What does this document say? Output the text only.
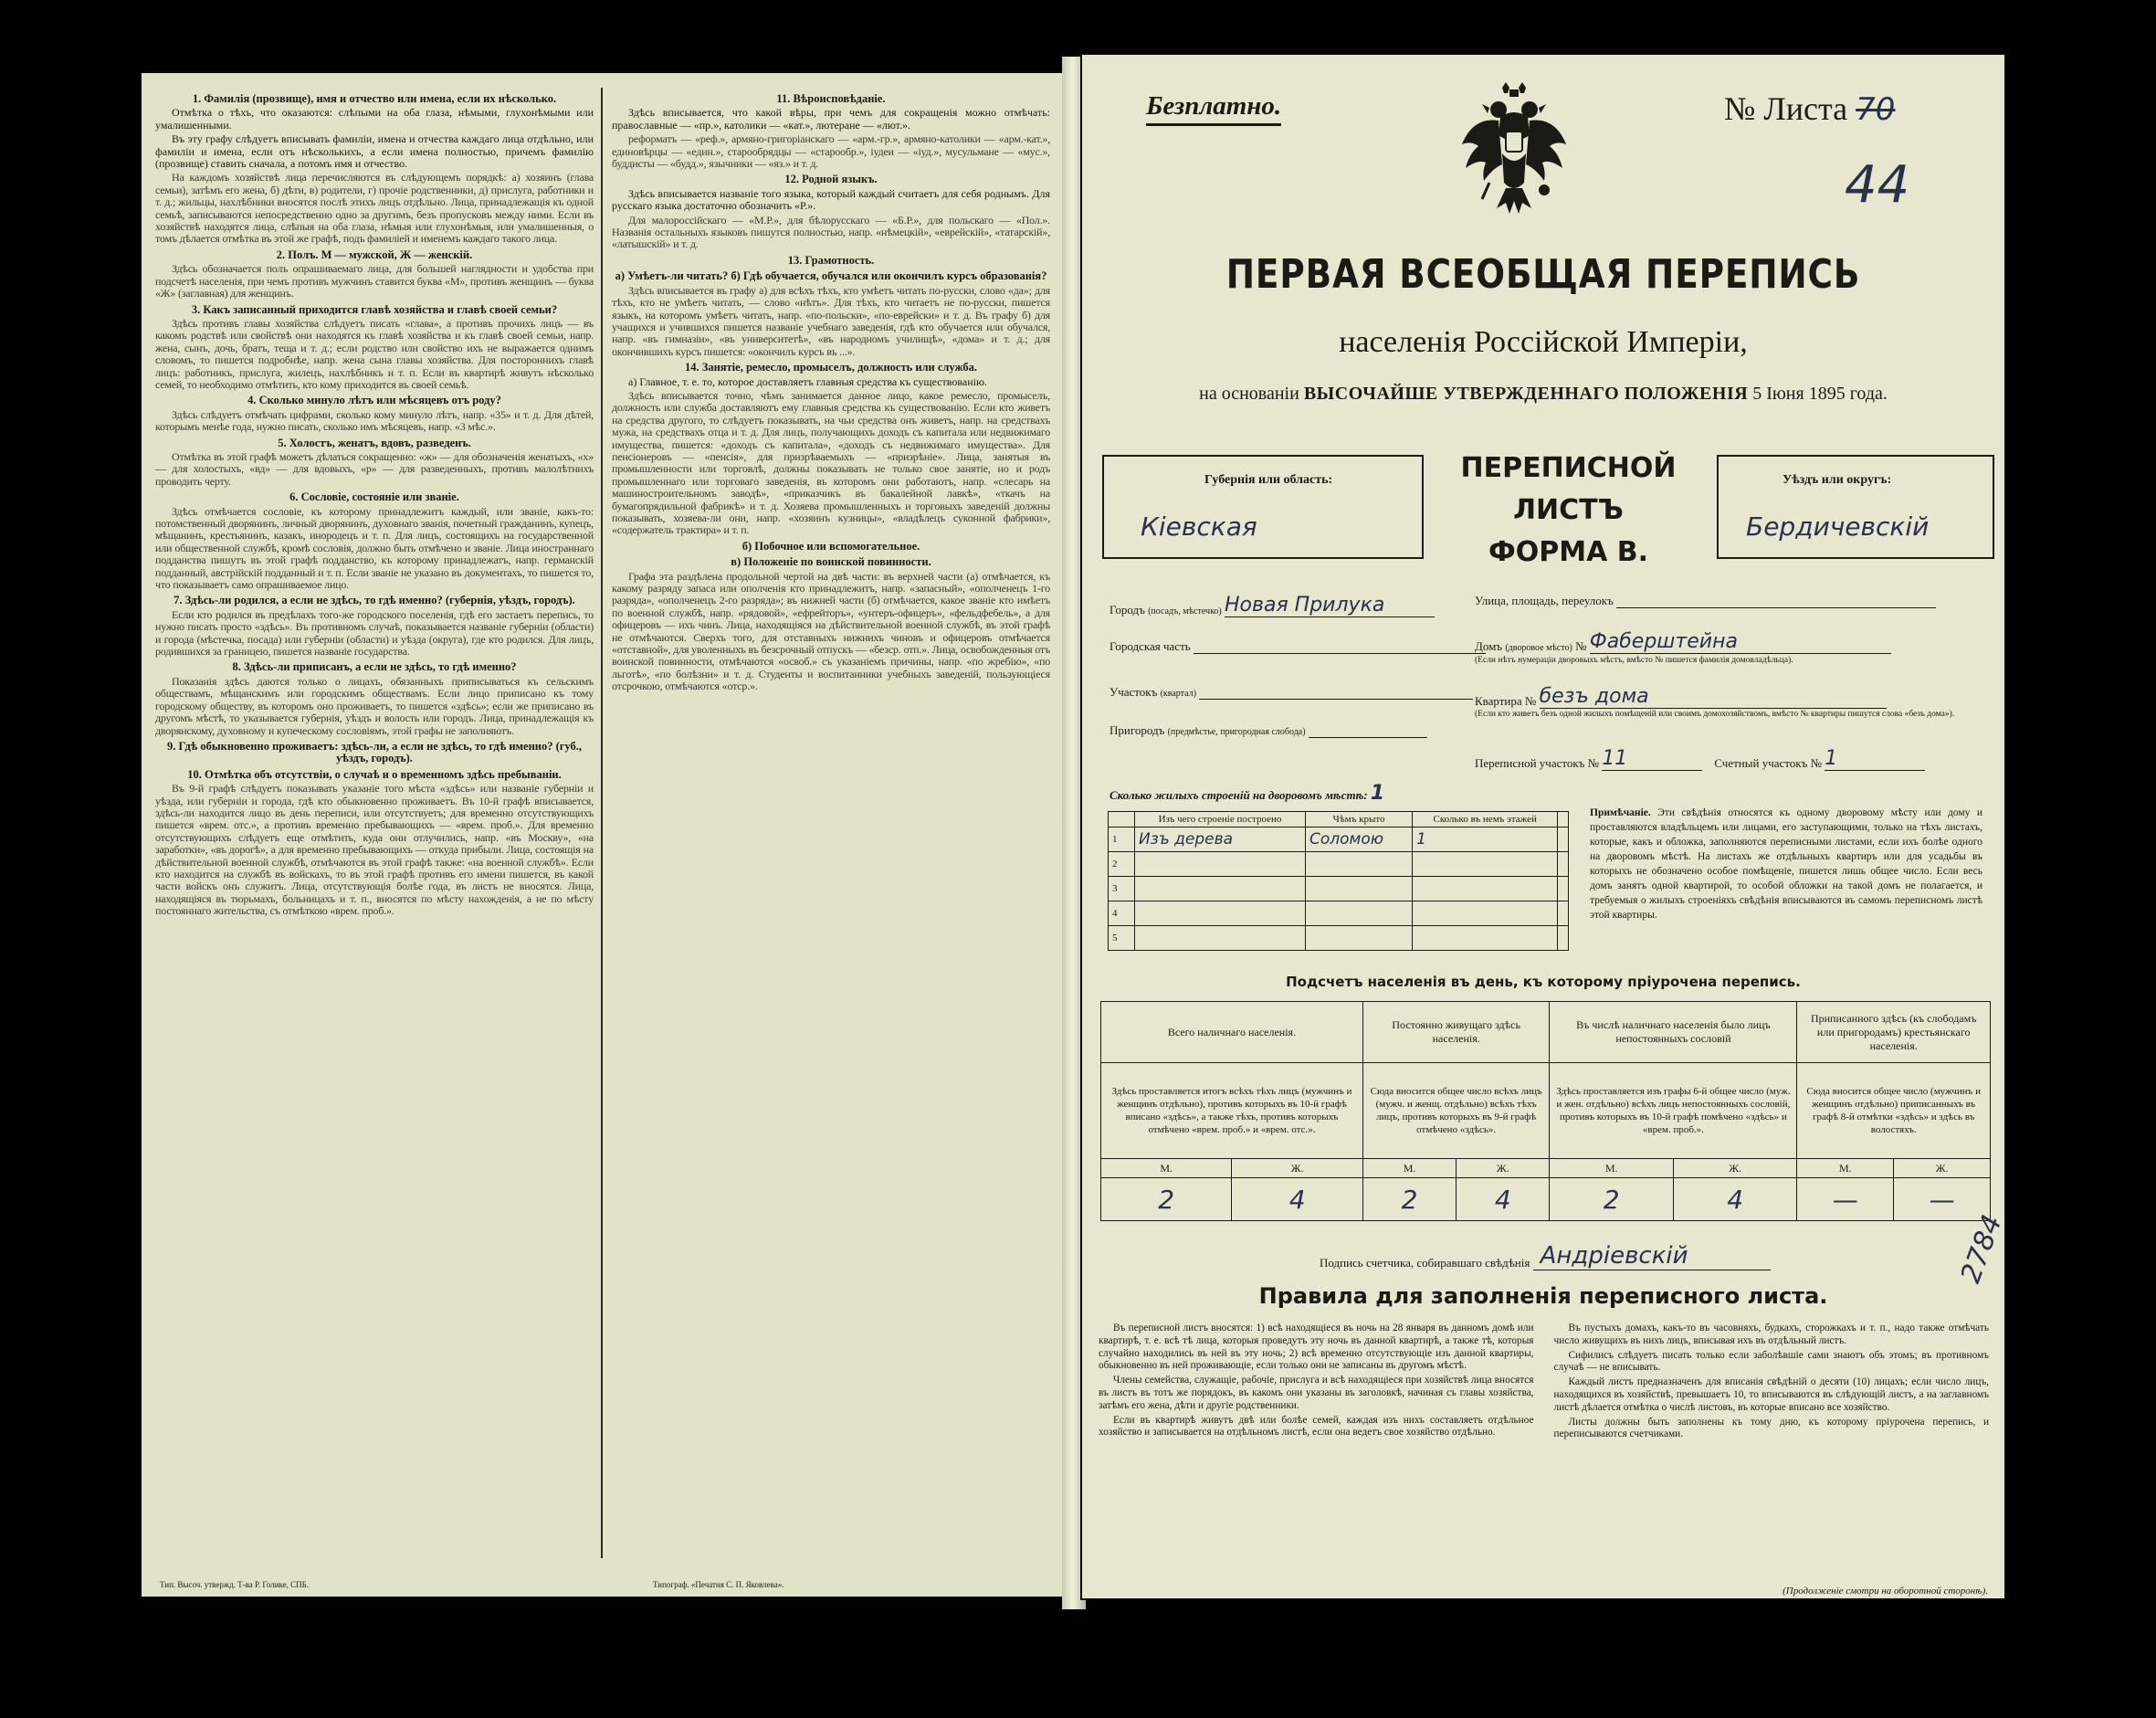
1. Фамилія (прозвище), имя и отчество или имена, если их нѣсколько.

Отмѣтка о тѣхъ, что оказаются: слѣпыми на оба глаза, нѣмыми, глухонѣмыми или умалишенными.

Въ эту графу слѣдуетъ вписывать фамиліи, имена и отчества каждаго лица отдѣльно, или фамиліи и имена, если отъ нѣсколькихъ, а если имена полностью, причемъ фамилію (прозвище) ставить сначала, а потомъ имя и отчество.

На каждомъ хозяйствѣ лица перечисляются въ слѣдующемъ порядкѣ: а) хозяинъ (глава семьи), затѣмъ его жена, б) дѣти, в) родители, г) прочіе родственники, д) прислуга, работники и т. д.; жильцы, нахлѣбники вносятся послѣ этихъ лицъ отдѣльно. Лица, принадлежащія къ одной семьѣ, записываются непосредственно одно за другимъ, безъ пропусковъ между ними. Если въ хозяйствѣ находятся лица, слѣпыя на оба глаза, нѣмыя или глухонѣмыя, или умалишенныя, о томъ дѣлается отмѣтка въ этой же графѣ, подъ фамиліей и именемъ каждаго такого лица.

2. Полъ. М — мужской, Ж — женскій.

Здѣсь обозначается полъ опрашиваемаго лица, для большей наглядности и удобства при подсчетѣ населенія, при чемъ противъ мужчинъ ставится буква «М», противъ женщинъ — буква «Ж» (заглавная) для женщинъ.

3. Какъ записанный приходится главѣ хозяйства и главѣ своей семьи?

Здѣсь противъ главы хозяйства слѣдуетъ писать «глава», а противъ прочихъ лицъ — въ какомъ родствѣ или свойствѣ они находятся къ главѣ хозяйства и къ главѣ своей семьи, напр. жена, сынъ, дочь, братъ, теща и т. д.; если родство или свойство ихъ не выражается однимъ словомъ, то пишется подробнѣе, напр. жена сына главы хозяйства. Для постороннихъ главѣ лицъ: работникъ, прислуга, жилецъ, нахлѣбникъ и т. п. Если въ квартирѣ живутъ нѣсколько семей, то необходимо отмѣтить, кто кому приходится въ своей семьѣ.

4. Сколько минуло лѣтъ или мѣсяцевъ отъ роду?

Здѣсь слѣдуетъ отмѣчать цифрами, сколько кому минуло лѣтъ, напр. «35» и т. д. Для дѣтей, которымъ менѣе года, нужно писать, сколько имъ мѣсяцевъ, напр. «3 мѣс.».

5. Холостъ, женатъ, вдовъ, разведенъ.

Отмѣтка въ этой графѣ можетъ дѣлаться сокращенно: «ж» — для обозначенія женатыхъ, «х» — для холостыхъ, «вд» — для вдовыхъ, «р» — для разведенныхъ, противъ малолѣтнихъ проводить черту.

6. Сословіе, состояніе или званіе.

Здѣсь отмѣчается сословіе, къ которому принадлежитъ каждый, или званіе, какъ-то: потомственный дворянинъ, личный дворянинъ, духовнаго званія, почетный гражданинъ, купецъ, мѣщанинъ, крестьянинъ, казакъ, инородецъ и т. п. Для лицъ, состоящихъ на государственной или общественной службѣ, кромѣ сословія, должно быть отмѣчено и званіе. Лица иностраннаго подданства пишутъ въ этой графѣ подданство, къ которому принадлежатъ, напр. германскій подданный, австрійскій подданный и т. п. Если званіе не указано въ документахъ, то пишется то, что показываетъ само опрашиваемое лицо.

7. Здѣсь-ли родился, а если не здѣсь, то гдѣ именно? (губернія, уѣздъ, городъ).

Если кто родился въ предѣлахъ того-же городского поселенія, гдѣ его застаетъ перепись, то нужно писать просто «здѣсь». Въ противномъ случаѣ, показывается названіе губерніи (области) и города (мѣстечка, посада) или губерніи (области) и уѣзда (округа), где кто родился. Для лицъ, родившихся за границею, пишется названіе государства.

8. Здѣсь-ли приписанъ, а если не здѣсь, то гдѣ именно?

Показанія здѣсь даются только о лицахъ, обязанныхъ приписываться къ сельскимъ обществамъ, мѣщанскимъ или городскимъ обществамъ. Если лицо приписано къ тому городскому обществу, въ которомъ оно проживаетъ, то пишется «здѣсь»; если же приписано въ другомъ мѣстѣ, то указывается губернія, уѣздъ и волость или городъ. Лица, принадлежащія къ дворянскому, духовному и купеческому сословіямъ, этой графы не заполняютъ.

9. Гдѣ обыкновенно проживаетъ: здѣсь-ли, а если не здѣсь, то гдѣ именно? (губ., уѣздъ, городъ).
10. Отмѣтка объ отсутствіи, о случаѣ и о временномъ здѣсь пребываніи.

Въ 9-й графѣ слѣдуетъ показывать указаніе того мѣста «здѣсь» или названіе губерніи и уѣзда, или губерніи и города, гдѣ кто обыкновенно проживаетъ. Въ 10-й графѣ вписывается, здѣсь-ли находится лицо въ день переписи, или отсутствуетъ; для временно отсутствующихъ пишется «врем. отс.», а противъ временно пребывающихъ — «врем. проб.». Для временно отсутствующихъ слѣдуетъ еще отмѣтить, куда они отлучились, напр. «въ Москву», «на заработки», «въ дорогѣ», а для временно пребывающихъ — откуда прибыли. Лица, состоящія на дѣйствительной военной службѣ, отмѣчаются въ этой графѣ также: «на военной службѣ». Если кто находится на службѣ въ войскахъ, то въ этой графѣ противъ его имени пишется, въ какой части войскъ онъ служитъ. Лица, отсутствующія болѣе года, въ листъ не вносятся. Лица, находящіяся въ тюрьмахъ, больницахъ и т. п., вносятся по мѣсту нахожденія, а не по мѣсту постояннаго жительства, съ отмѣткою «врем. проб.».

11. Вѣроисповѣданіе.

Здѣсь вписывается, что какой вѣры, при чемъ для сокращенія можно отмѣчать: православные — «пр.», католики — «кат.», лютеране — «лют.».

реформатъ — «реф.», армяно-григоріанскаго — «арм.-гр.», армяно-католики — «арм.-кат.», единовѣрцы — «един.», старообрядцы — «старообр.», іудеи — «іуд.», мусульмане — «мус.», буддисты — «будд.», язычники — «яз.» и т. д.

12. Родной языкъ.

Здѣсь вписывается названіе того языка, который каждый считаетъ для себя роднымъ. Для русскаго языка достаточно обозначить «Р.».

Для малороссійскаго — «М.Р.», для бѣлорусскаго — «Б.Р.», для польскаго — «Пол.». Названія остальныхъ языковъ пишутся полностью, напр. «нѣмецкій», «еврейскій», «татарскій», «латышскій» и т. д.

13. Грамотность.
а) Умѣетъ-ли читать? б) Гдѣ обучается, обучался или окончилъ курсъ образованія?

Здѣсь вписывается въ графу а) для всѣхъ тѣхъ, кто умѣетъ читать по-русски, слово «да»; для тѣхъ, кто не умѣетъ читать, — слово «нѣтъ». Для тѣхъ, кто читаетъ не по-русски, пишется языкъ, на которомъ умѣетъ читать, напр. «по-польски», «по-еврейски» и т. д. Въ графу б) для учащихся и учившихся пишется названіе учебнаго заведенія, гдѣ кто обучается или обучался, напр. «въ гимназіи», «въ университетѣ», «въ народномъ училищѣ», «дома» и т. д.; для окончившихъ курсъ пишется: «окончилъ курсъ въ ...».

14. Занятіе, ремесло, промыселъ, должность или служба.

а) Главное, т. е. то, которое доставляетъ главныя средства къ существованію.

Здѣсь вписывается точно, чѣмъ занимается данное лицо, какое ремесло, промыселъ, должность или служба доставляютъ ему главныя средства къ существованію. Если кто живетъ на средства другого, то слѣдуетъ показывать, на чьи средства онъ живетъ, напр. на средствахъ мужа, на средствахъ отца и т. д. Для лицъ, получающихъ доходъ съ капитала или недвижимаго имущества, пишется: «доходъ съ капитала», «доходъ съ недвижимаго имущества». Для пенсіонеровъ — «пенсія», для призрѣваемыхъ — «призрѣніе». Лица, занятыя въ промышленности или торговлѣ, должны показывать не только свое занятіе, но и родъ промышленнаго или торговаго заведенія, въ которомъ они работаютъ, напр. «слесарь на машиностроительномъ заводѣ», «приказчикъ въ бакалейной лавкѣ», «ткачъ на бумагопрядильной фабрикѣ» и т. д. Хозяева промышленныхъ и торговыхъ заведеній должны показывать, хозяева-ли они, напр. «хозяинъ кузницы», «владѣлецъ суконной фабрики», «содержатель трактира» и т. п.

б) Побочное или вспомогательное.
в) Положеніе по воинской повинности.

Графа эта раздѣлена продольной чертой на двѣ части: въ верхней части (а) отмѣчается, къ какому разряду запаса или ополченія кто принадлежитъ, напр. «запасный», «ополченецъ 1-го разряда», «ополченецъ 2-го разряда»; въ нижней части (б) отмѣчается, какое званіе кто имѣетъ по военной службѣ, напр. «рядовой», «ефрейторъ», «унтеръ-офицеръ», «фельдфебель», а для офицеровъ — ихъ чинъ. Лица, находящіяся на дѣйствительной военной службѣ, въ этой графѣ не отмѣчаются. Сверхъ того, для отставныхъ нижнихъ чиновъ и офицеровъ отмѣчается «отставной», для уволенныхъ въ безсрочный отпускъ — «безср. отп.». Лица, освобожденныя отъ воинской повинности, отмѣчаются «освоб.» съ указаніемъ причины, напр. «по жребію», «по льготѣ», «по болѣзни» и т. д. Студенты и воспитанники учебныхъ заведеній, пользующіеся отсрочкою, отмѣчаются «отср.».

Тип. Высоч. утвержд. Т-ва Р. Голике, СПБ.	Типограф. «Печатня С. П. Яковлева».
Безплатно.	№ Листа 70
44
ПЕРВАЯ ВСЕОБЩАЯ ПЕРЕПИСЬ
населенія Россійской Имперіи,
на основаніи ВЫСОЧАЙШЕ УТВЕРЖДЕННАГО ПОЛОЖЕНІЯ 5 Іюня 1895 года.
Губернія или область:
Кіевская
ПЕРЕПИСНОЙ ЛИСТЪ
ФОРМА В.
Уѣздъ или округъ:
Бердичевскій
Городъ (посадъ, мѣстечко) Новая Прилука
Городская часть
Участокъ (квартал)
Пригородъ (предмѣстье, пригородная слобода)
Улица, площадь, переулокъ
Домъ (дворовое мѣсто) № Фаберштейна
(Если нѣтъ нумераціи дворовыхъ мѣстъ, вмѣсто № пишется фамилія домовладѣльца).
Квартира № безъ дома
(Если кто живетъ безъ одной жилыхъ помѣщеній или своимъ домохозяйствомъ, вмѣсто № квартиры пишутся слова «безъ дома»).
Переписной участокъ № 11	Счетный участокъ № 1
Сколько жилыхъ строеній на дворовомъ мѣстѣ: 1
	Изъ чего строеніе построено	Чѣмъ крыто	Сколько въ немъ этажей	
1	Изъ дерева	Соломою	1	
2				
3				
4				
5				
Примѣчаніе. Эти свѣдѣнія относятся къ одному дворовому мѣсту или дому и проставляются владѣльцемъ или лицами, его заступающими, только на тѣхъ листахъ, которые, какъ и обложка, заполняются переписными листами, если ихъ болѣе одного на дворовомъ мѣстѣ. На листахъ же отдѣльныхъ квартиръ или для усадьбы въ которыхъ не обозначено особое помѣщеніе, пишется лишь общее число. Если весь домъ занятъ одной квартирой, то особой обложки на такой домъ не полагается, и требуемыя о жилыхъ строеніяхъ свѣдѣнія вписываются въ самомъ переписномъ листѣ этой квартиры.
Подсчетъ населенія въ день, къ которому пріурочена перепись.
Всего наличнаго населенія.		Постоянно живущаго здѣсь населенія.		Въ числѣ наличнаго населенія было лицъ непостоянныхъ сословій		Приписанного здѣсь (къ слободамъ или пригородамъ) крестьянскаго населенія.	
Здѣсь проставляется итогъ всѣхъ тѣхъ лицъ (мужчинъ и женщинъ отдѣльно), противъ которыхъ въ 10-й графѣ вписано «здѣсь», а также тѣхъ, противъ которыхъ отмѣчено «врем. проб.» и «врем. отс.».		Сюда вносится общее число всѣхъ лицъ (мужч. и женщ. отдѣльно) всѣхъ тѣхъ лицъ, противъ которыхъ въ 9-й графѣ отмѣчено «здѣсь».		Здѣсь проставляется изъ графы 6-й общее число (муж. и жен. отдѣльно) всѣхъ лицъ непостоянныхъ сословій, противъ которыхъ въ 10-й графѣ помѣчено «здѣсь» и «врем. проб.».		Сюда вносится общее число (мужчинъ и женщинъ отдѣльно) приписанныхъ въ графѣ 8-й отмѣтки «здѣсь» и здѣсь въ волостяхъ.	
М.	Ж.	М.	Ж.	М.	Ж.	М.	Ж.
2	4	2	4	2	4	—	—
Подпись счетчика, собиравшаго свѣдѣнія Андріевскій	2784
Правила для заполненія переписного листа.

Въ переписной листъ вносятся: 1) всѣ находящіеся въ ночь на 28 января въ данномъ домѣ или квартирѣ, т. е. всѣ тѣ лица, которыя проведутъ эту ночь въ данной квартирѣ, а также тѣ, которыя случайно находились въ ней въ эту ночь; 2) всѣ временно отсутствующіе изъ данной квартиры, обыкновенно въ ней проживающіе, если только они не записаны въ другомъ мѣстѣ.

Члены семейства, служащіе, рабочіе, прислуга и всѣ находящіеся при хозяйствѣ лица вносятся въ листъ въ тотъ же порядокъ, въ какомъ они указаны въ заголовкѣ, начиная съ главы хозяйства, затѣмъ его жена, дѣти и другіе родственники.

Если въ квартирѣ живутъ двѣ или болѣе семей, каждая изъ нихъ составляетъ отдѣльное хозяйство и записывается на отдѣльномъ листѣ, если она ведетъ свое хозяйство отдѣльно.

Въ пустыхъ домахъ, какъ-то въ часовняхъ, будкахъ, сторожкахъ и т. п., надо также отмѣчать число живущихъ въ нихъ лицъ, вписывая ихъ въ отдѣльный листъ.

Сифилисъ слѣдуетъ писать только если заболѣвшіе сами знаютъ объ этомъ; въ противномъ случаѣ — не вписывать.

Каждый листъ предназначенъ для вписанія свѣдѣній о десяти (10) лицахъ; если число лицъ, находящихся въ хозяйствѣ, превышаетъ 10, то вписываются въ слѣдующій листъ, а на заглавномъ листѣ дѣлается отмѣтка о числѣ листовъ, въ которые вписано все хозяйство.

Листы должны быть заполнены къ тому дню, къ которому пріурочена перепись, и переписываются счетчиками.

(Продолженіе смотри на оборотной сторонѣ).
